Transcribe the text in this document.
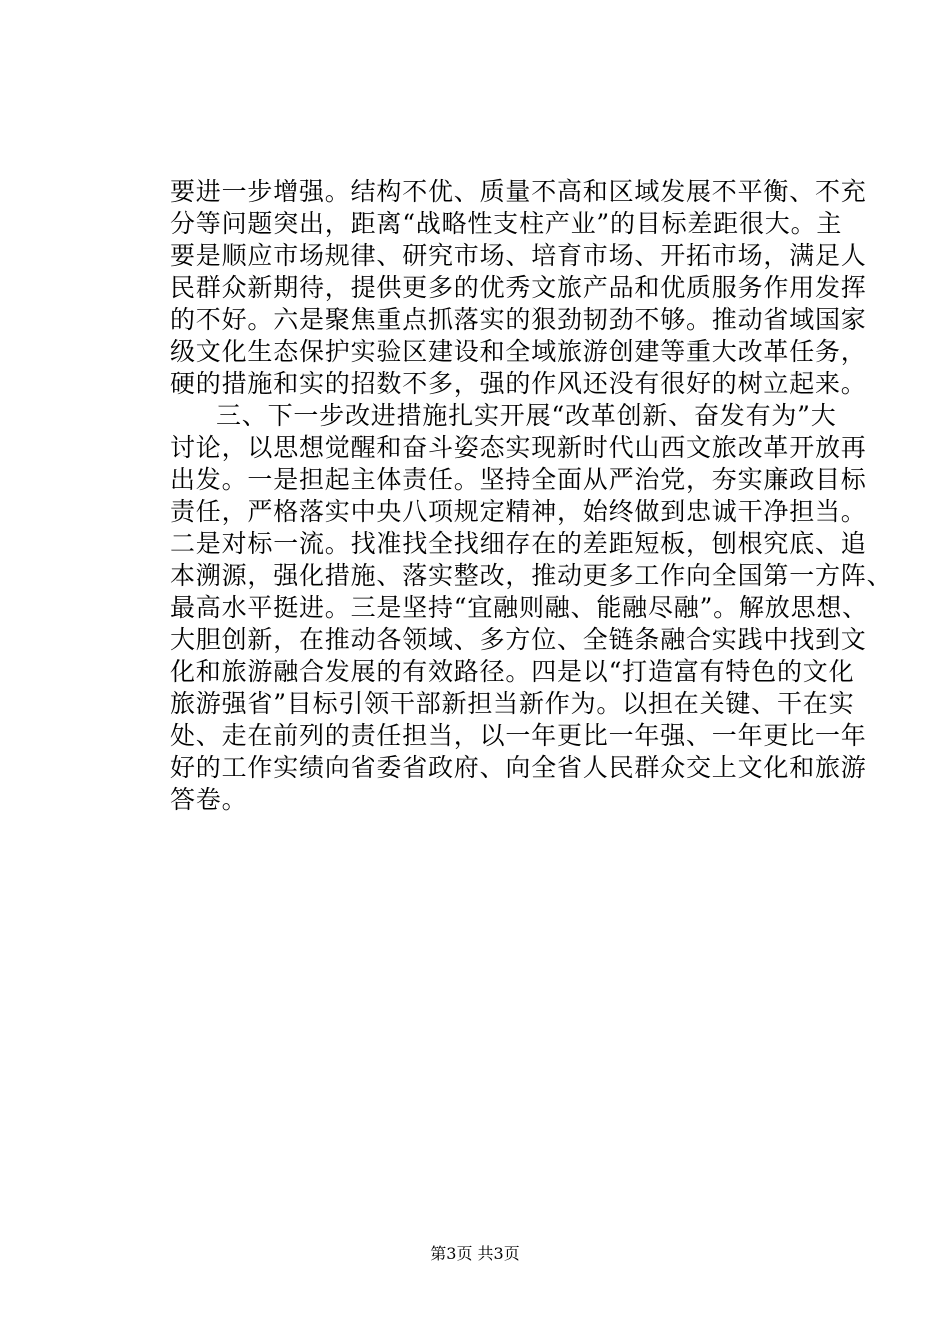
要进一步增强。结构不优、质量不高和区域发展不平衡、不充
分等问题突出，距离“战略性支柱产业”的目标差距很大。主
要是顺应市场规律、研究市场、培育市场、开拓市场，满足人
民群众新期待，提供更多的优秀文旅产品和优质服务作用发挥
的不好。六是聚焦重点抓落实的狠劲韧劲不够。推动省域国家
级文化生态保护实验区建设和全域旅游创建等重大改革任务，
硬的措施和实的招数不多，强的作风还没有很好的树立起来。
三、下一步改进措施扎实开展“改革创新、奋发有为”大
讨论，以思想觉醒和奋斗姿态实现新时代山西文旅改革开放再
出发。一是担起主体责任。坚持全面从严治党，夯实廉政目标
责任，严格落实中央八项规定精神，始终做到忠诚干净担当。
二是对标一流。找准找全找细存在的差距短板，刨根究底、追
本溯源，强化措施、落实整改，推动更多工作向全国第一方阵、
最高水平挺进。三是坚持“宜融则融、能融尽融”。解放思想、
大胆创新，在推动各领域、多方位、全链条融合实践中找到文
化和旅游融合发展的有效路径。四是以“打造富有特色的文化
旅游强省”目标引领干部新担当新作为。以担在关键、干在实
处、走在前列的责任担当，以一年更比一年强、一年更比一年
好的工作实绩向省委省政府、向全省人民群众交上文化和旅游
答卷。
第3页 共3页
